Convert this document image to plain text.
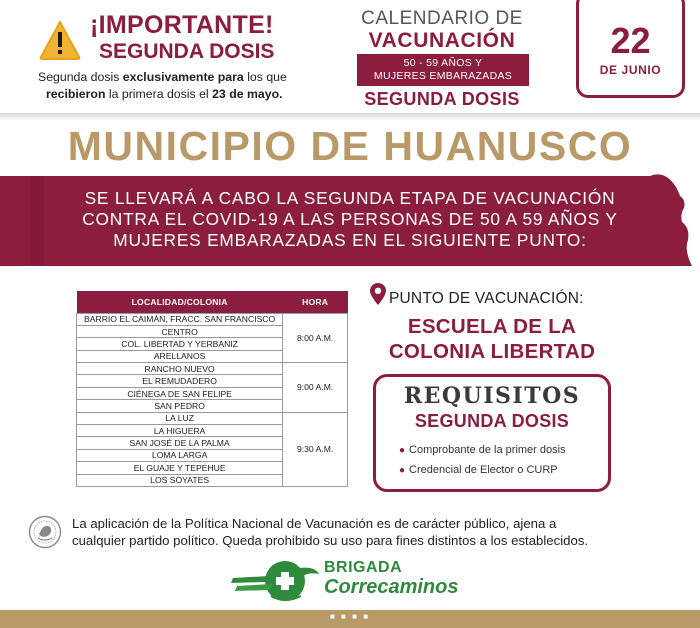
¡IMPORTANTE!
SEGUNDA DOSIS
Segunda dosis exclusivamente para los que
recibieron la primera dosis el 23 de mayo.
CALENDARIO DE
VACUNACIÓN
50 - 59 AÑOS Y
MUJERES EMBARAZADAS
SEGUNDA DOSIS
22
DE JUNIO
MUNICIPIO DE HUANUSCO
SE LLEVARÁ A CABO LA SEGUNDA ETAPA DE VACUNACIÓN
CONTRA EL COVID-19 A LAS PERSONAS DE 50 A 59 AÑOS Y
MUJERES EMBARAZADAS EN EL SIGUIENTE PUNTO:
LOCALIDAD/COLONIA	HORA
BARRIO EL CAIMÁN, FRACC. SAN FRANCISCO	8:00 A.M.
CENTRO	
COL. LIBERTAD Y YERBANIZ	
ARELLANOS	
RANCHO NUEVO	9:00 A.M.
EL REMUDADERO	
CIÉNEGA DE SAN FELIPE	
SAN PEDRO	
LA LUZ	9:30 A.M.
LA HIGUERA	
SAN JOSÉ DE LA PALMA	
LOMA LARGA	
EL GUAJE Y TEPEHUE	
LOS SOYATES	
PUNTO DE VACUNACIÓN:
ESCUELA DE LA
COLONIA LIBERTAD
REQUISITOS
SEGUNDA DOSIS
● Comprobante de la primer dosis
● Credencial de Elector o CURP
La aplicación de la Política Nacional de Vacunación es de carácter público, ajena a
cualquier partido político. Queda prohibido su uso para fines distintos a los establecidos.
BRIGADA
Correcaminos
■ ■ ■ ■
